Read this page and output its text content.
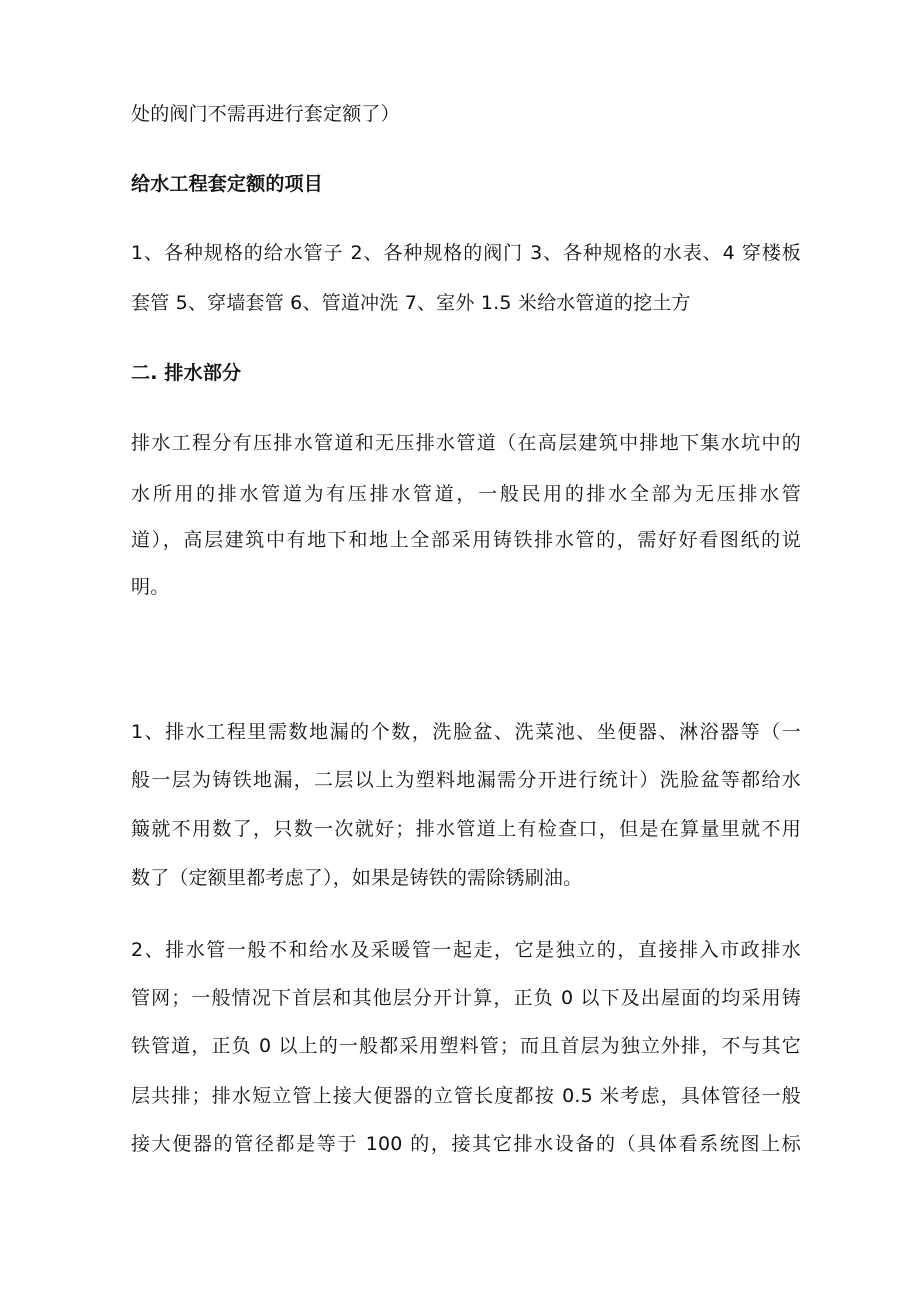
处的阀门不需再进行套定额了）
给水工程套定额的项目
1、各种规格的给水管子 2、各种规格的阀门 3、各种规格的水表、4 穿楼板
套管 5、穿墙套管 6、管道冲洗 7、室外 1.5 米给水管道的挖土方
二. 排水部分
排水工程分有压排水管道和无压排水管道（在高层建筑中排地下集水坑中的
水所用的排水管道为有压排水管道，一般民用的排水全部为无压排水管
道），高层建筑中有地下和地上全部采用铸铁排水管的，需好好看图纸的说
明。
1、排水工程里需数地漏的个数，洗脸盆、洗菜池、坐便器、淋浴器等（一
般一层为铸铁地漏，二层以上为塑料地漏需分开进行统计）洗脸盆等都给水
簸就不用数了，只数一次就好；排水管道上有检查口，但是在算量里就不用
数了（定额里都考虑了），如果是铸铁的需除锈刷油。
2、排水管一般不和给水及采暖管一起走，它是独立的，直接排入市政排水
管网；一般情况下首层和其他层分开计算，正负 0 以下及出屋面的均采用铸
铁管道，正负 0 以上的一般都采用塑料管；而且首层为独立外排，不与其它
层共排；排水短立管上接大便器的立管长度都按 0.5 米考虑，具体管径一般
接大便器的管径都是等于 100 的，接其它排水设备的（具体看系统图上标
